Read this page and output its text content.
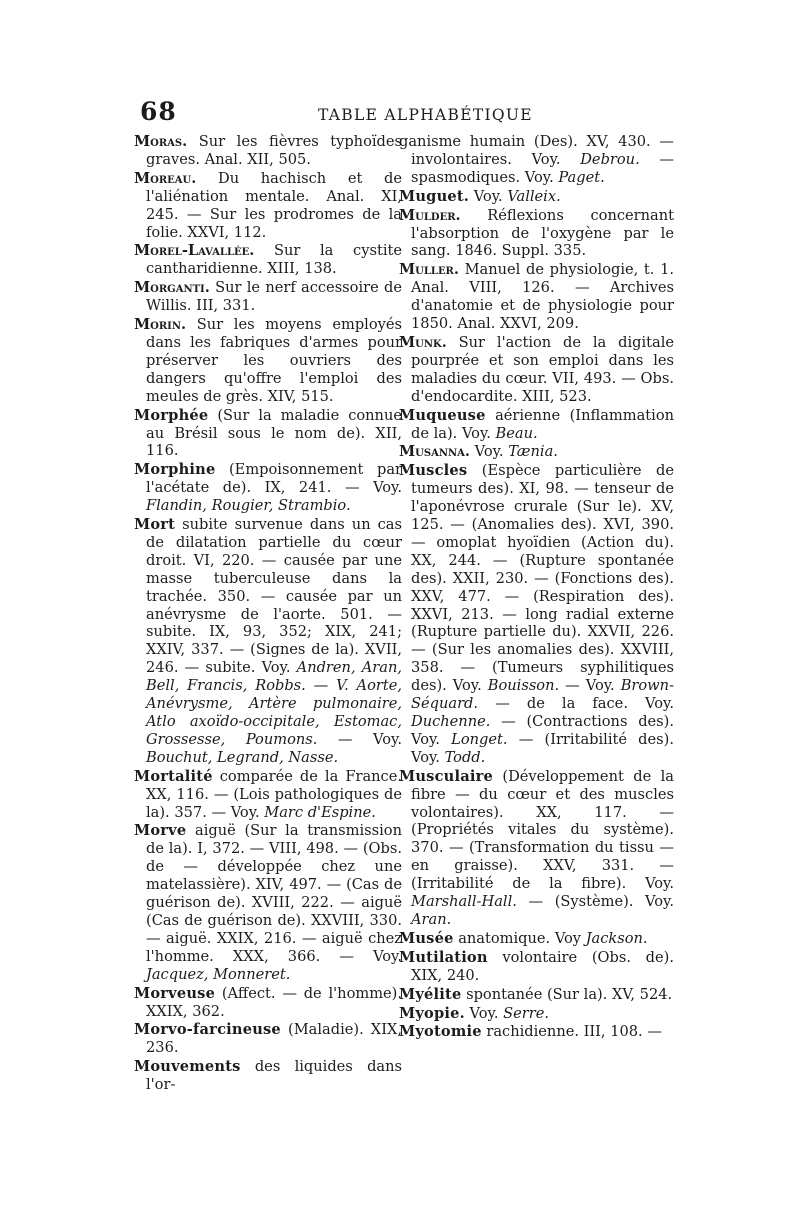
68	TABLE ALPHABÉTIQUE

Moras. Sur les fièvres typhoïdes graves. Anal. XII, 505.

Moreau. Du hachisch et de l'aliénation mentale. Anal. XI, 245. — Sur les prodromes de la folie. XXVI, 112.

Morel-Lavallée. Sur la cystite cantharidienne. XIII, 138.

Morganti. Sur le nerf accessoire de Willis. III, 331.

Morin. Sur les moyens employés dans les fabriques d'armes pour préserver les ouvriers des dangers qu'offre l'emploi des meules de grès. XIV, 515.

Morphée (Sur la maladie connue au Brésil sous le nom de). XII, 116.

Morphine (Empoisonnement par l'acétate de). IX, 241. — Voy. Flandin, Rougier, Strambio.

Mort subite survenue dans un cas de dilatation partielle du cœur droit. VI, 220. — causée par une masse tuberculeuse dans la trachée. 350. — causée par un anévrysme de l'aorte. 501. — subite. IX, 93, 352; XIX, 241; XXIV, 337. — (Signes de la). XVII, 246. — subite. Voy. Andren, Aran, Bell, Francis, Robbs. — V. Aorte, Anévrysme, Artère pulmonaire, Atlo axoïdo-occipitale, Estomac, Grossesse, Poumons. — Voy. Bouchut, Legrand, Nasse.

Mortalité comparée de la France. XX, 116. — (Lois pathologiques de la). 357. — Voy. Marc d'Espine.

Morve aiguë (Sur la transmission de la). I, 372. — VIII, 498. — (Obs. de — développée chez une matelassière). XIV, 497. — (Cas de guérison de). XVIII, 222. — aiguë (Cas de guérison de). XXVIII, 330. — aiguë. XXIX, 216. — aiguë chez l'homme. XXX, 366. — Voy. Jacquez, Monneret.

Morveuse (Affect. — de l'homme). XXIX, 362.

Morvo-farcineuse (Maladie). XIX, 236.

Mouvements des liquides dans l'or-

ganisme humain (Des). XV, 430. — involontaires. Voy. Debrou. — spasmodiques. Voy. Paget.

Muguet. Voy. Valleix.

Mulder. Réflexions concernant l'absorption de l'oxygène par le sang. 1846. Suppl. 335.

Muller. Manuel de physiologie, t. 1. Anal. VIII, 126. — Archives d'anatomie et de physiologie pour 1850. Anal. XXVI, 209.

Munk. Sur l'action de la digitale pourprée et son emploi dans les maladies du cœur. VII, 493. — Obs. d'endocardite. XIII, 523.

Muqueuse aérienne (Inflammation de la). Voy. Beau.

Musanna. Voy. Tænia.

Muscles (Espèce particulière de tumeurs des). XI, 98. — tenseur de l'aponévrose crurale (Sur le). XV, 125. — (Anomalies des). XVI, 390. — omoplat hyoïdien (Action du). XX, 244. — (Rupture spontanée des). XXII, 230. — (Fonctions des). XXV, 477. — (Respiration des). XXVI, 213. — long radial externe (Rupture partielle du). XXVII, 226. — (Sur les anomalies des). XXVIII, 358. — (Tumeurs syphilitiques des). Voy. Bouisson. — Voy. Brown-Séquard. — de la face. Voy. Duchenne. — (Contractions des). Voy. Longet. — (Irritabilité des). Voy. Todd.

Musculaire (Développement de la fibre — du cœur et des muscles volontaires). XX, 117. — (Propriétés vitales du système). 370. — (Transformation du tissu — en graisse). XXV, 331. — (Irritabilité de la fibre). Voy. Marshall-Hall. — (Système). Voy. Aran.

Musée anatomique. Voy Jackson.

Mutilation volontaire (Obs. de). XIX, 240.

Myélite spontanée (Sur la). XV, 524.

Myopie. Voy. Serre.

Myotomie rachidienne. III, 108. —
